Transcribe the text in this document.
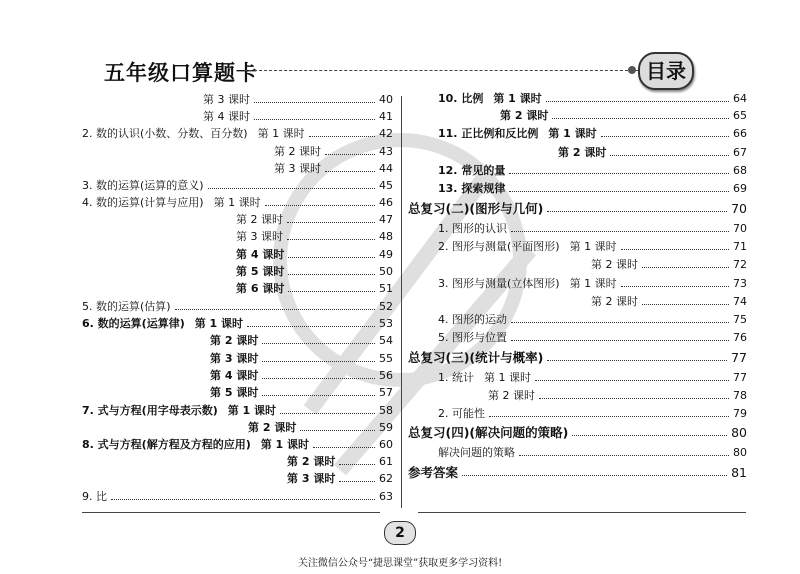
五年级口算题卡	目录
2
关注微信公众号“捷思课堂”获取更多学习资料!
第 3 课时	40
第 4 课时	41
2. 数的认识(小数、分数、百分数) 第 1 课时	42
第 2 课时	43
第 3 课时	44
3. 数的运算(运算的意义)	45
4. 数的运算(计算与应用) 第 1 课时	46
第 2 课时	47
第 3 课时	48
第 4 课时	49
第 5 课时	50
第 6 课时	51
5. 数的运算(估算)	52
6. 数的运算(运算律) 第 1 课时	53
第 2 课时	54
第 3 课时	55
第 4 课时	56
第 5 课时	57
7. 式与方程(用字母表示数) 第 1 课时	58
第 2 课时	59
8. 式与方程(解方程及方程的应用) 第 1 课时	60
第 2 课时	61
第 3 课时	62
9. 比	63
10. 比例 第 1 课时	64
第 2 课时	65
11. 正比例和反比例 第 1 课时	66
第 2 课时	67
12. 常见的量	68
13. 探索规律	69
总复习(二)(图形与几何)	70
1. 图形的认识	70
2. 图形与测量(平面图形) 第 1 课时	71
第 2 课时	72
3. 图形与测量(立体图形) 第 1 课时	73
第 2 课时	74
4. 图形的运动	75
5. 图形与位置	76
总复习(三)(统计与概率)	77
1. 统计 第 1 课时	77
第 2 课时	78
2. 可能性	79
总复习(四)(解决问题的策略)	80
解决问题的策略	80
参考答案	81
